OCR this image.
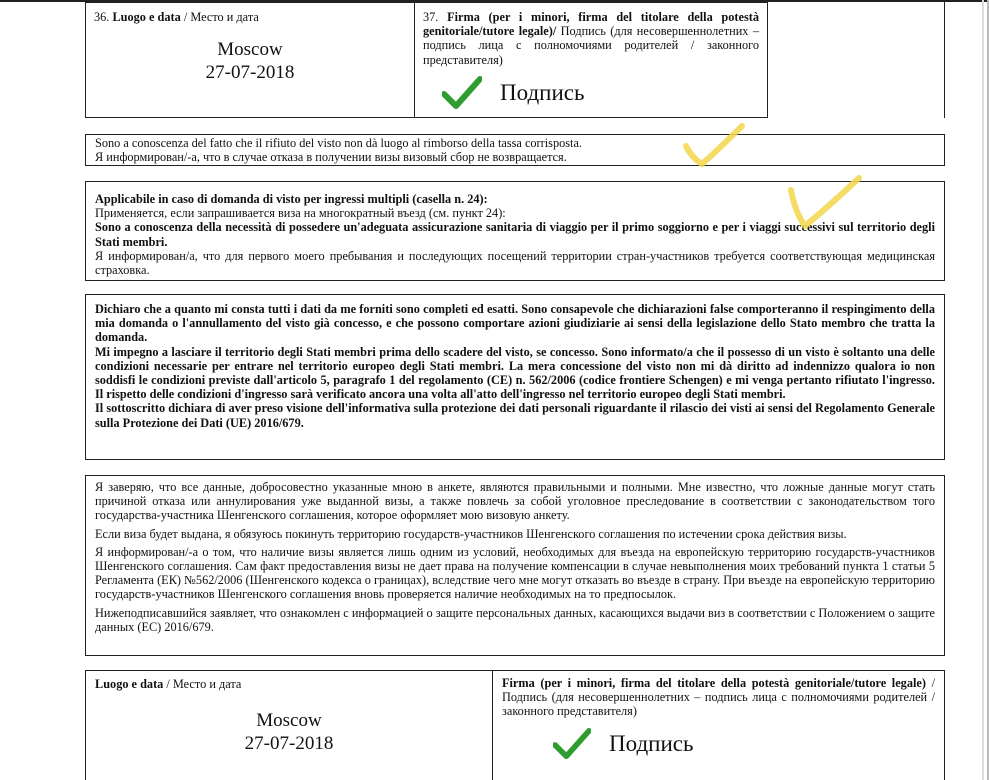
36. Luogo e data / Место и дата
Moscow
27-07-2018
37. Firma (per i minori, firma del titolare della potestà genitoriale/tutore legale)/ Подпись (для несовершеннолетних – подпись лица с полномочиями родителей / законного представителя)
Подпись

Sono a conoscenza del fatto che il rifiuto del visto non dà luogo al rimborso della tassa corrisposta.

Я информирован/-а, что в случае отказа в получении визы визовый сбор не возвращается.

Applicabile in caso di domanda di visto per ingressi multipli (casella n. 24):

Применяется, если запрашивается виза на многократный въезд (см. пункт 24):

Sono a conoscenza della necessità di possedere un'adeguata assicurazione sanitaria di viaggio per il primo soggiorno e per i viaggi successivi sul territorio degli Stati membri.

Я информирован/а, что для первого моего пребывания и последующих посещений территории стран-участников требуется соответствующая медицинская страховка.

Dichiaro che a quanto mi consta tutti i dati da me forniti sono completi ed esatti. Sono consapevole che dichiarazioni false comporteranno il respingimento della mia domanda o l'annullamento del visto già concesso, e che possono comportare azioni giudiziarie ai sensi della legislazione dello Stato membro che tratta la domanda.

Mi impegno a lasciare il territorio degli Stati membri prima dello scadere del visto, se concesso. Sono informato/a che il possesso di un visto è soltanto una delle condizioni necessarie per entrare nel territorio europeo degli Stati membri. La mera concessione del visto non mi dà diritto ad indennizzo qualora io non soddisfi le condizioni previste dall'articolo 5, paragrafo 1 del regolamento (CE) n. 562/2006 (codice frontiere Schengen) e mi venga pertanto rifiutato l'ingresso. Il rispetto delle condizioni d'ingresso sarà verificato ancora una volta all'atto dell'ingresso nel territorio europeo degli Stati membri.

Il sottoscritto dichiara di aver preso visione dell'informativa sulla protezione dei dati personali riguardante il rilascio dei visti ai sensi del Regolamento Generale sulla Protezione dei Dati (UE) 2016/679.

Я заверяю, что все данные, добросовестно указанные мною в анкете, являются правильными и полными. Мне известно, что ложные данные могут стать причиной отказа или аннулирования уже выданной визы, а также повлечь за собой уголовное преследование в соответствии с законодательством того государства-участника Шенгенского соглашения, которое оформляет мою визовую анкету.

Если виза будет выдана, я обязуюсь покинуть территорию государств-участников Шенгенского соглашения по истечении срока действия визы.

Я информирован/-а о том, что наличие визы является лишь одним из условий, необходимых для въезда на европейскую территорию государств-участников Шенгенского соглашения. Сам факт предоставления визы не дает права на получение компенсации в случае невыполнения моих требований пункта 1 статьи 5 Регламента (ЕК) №562/2006 (Шенгенского кодекса о границах), вследствие чего мне могут отказать во въезде в страну. При въезде на европейскую территорию государств-участников Шенгенского соглашения вновь проверяется наличие необходимых на то предпосылок.

Нижеподписавшийся заявляет, что ознакомлен с информацией о защите персональных данных, касающихся выдачи виз в соответствии с Положением о защите данных (ЕС) 2016/679.

Luogo e data / Место и дата
Moscow
27-07-2018
Firma (per i minori, firma del titolare della potestà genitoriale/tutore legale) / Подпись (для несовершеннолетних – подпись лица с полномочиями родителей / законного представителя)
Подпись
